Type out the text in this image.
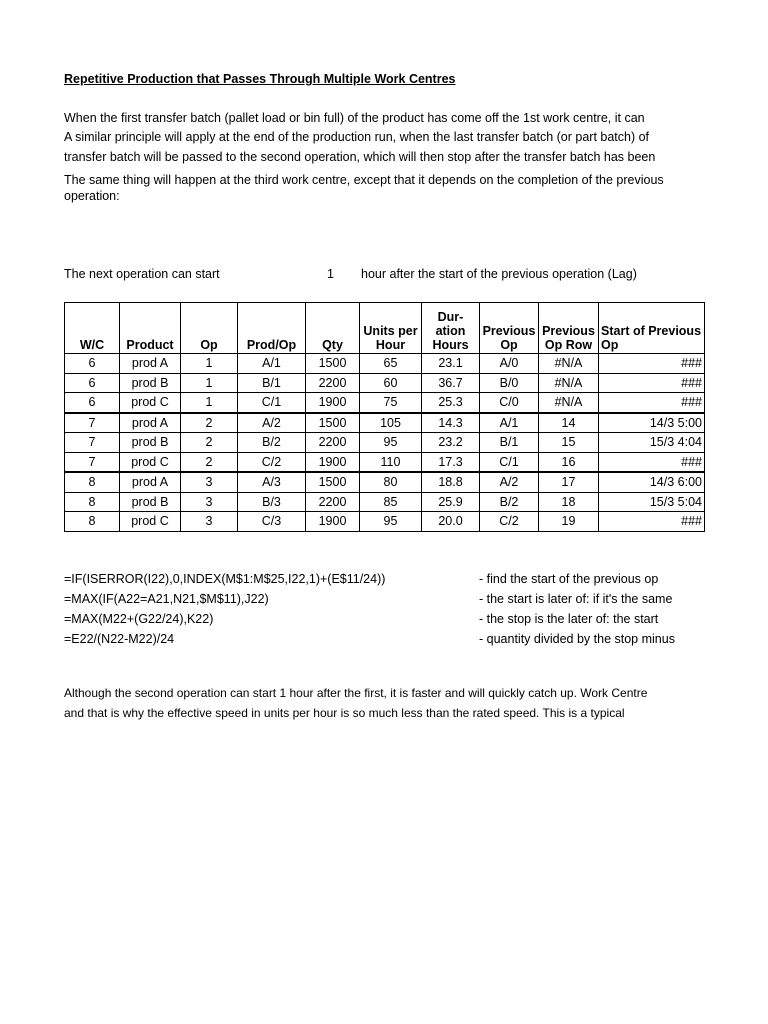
Repetitive Production that Passes Through Multiple Work Centres
When the first transfer batch (pallet load or bin full) of the product has come off the 1st work centre, it can
A similar principle will apply at the end of the production run, when the last transfer batch (or part batch) of
transfer batch will be passed to the second operation, which will then stop after the transfer batch has been
The same thing will happen at the third work centre, except that it depends on the completion of the previous
operation:
The next operation can start	1 hour after the start of the previous operation (Lag)
W/C	Product	Op	Prod/Op	Qty	Units per Hour	Dur-ation Hours	Previous Op	Previous Op Row	Start of Previous Op
6	prod A	1	A/1	1500	65	23.1	A/0	#N/A	###
6	prod B	1	B/1	2200	60	36.7	B/0	#N/A	###
6	prod C	1	C/1	1900	75	25.3	C/0	#N/A	###
7	prod A	2	A/2	1500	105	14.3	A/1	14	14/3 5:00
7	prod B	2	B/2	2200	95	23.2	B/1	15	15/3 4:04
7	prod C	2	C/2	1900	110	17.3	C/1	16	###
8	prod A	3	A/3	1500	80	18.8	A/2	17	14/3 6:00
8	prod B	3	B/3	2200	85	25.9	B/2	18	15/3 5:04
8	prod C	3	C/3	1900	95	20.0	C/2	19	###
=IF(ISERROR(I22),0,INDEX(M$1:M$25,I22,1)+(E$11/24))	- find the start of the previous op
=MAX(IF(A22=A21,N21,$M$11),J22)	- the start is later of: if it's the same
=MAX(M22+(G22/24),K22)	- the stop is the later of: the start
=E22/(N22-M22)/24	- quantity divided by the stop minus
Although the second operation can start 1 hour after the first, it is faster and will quickly catch up. Work Centre
and that is why the effective speed in units per hour is so much less than the rated speed. This is a typical
